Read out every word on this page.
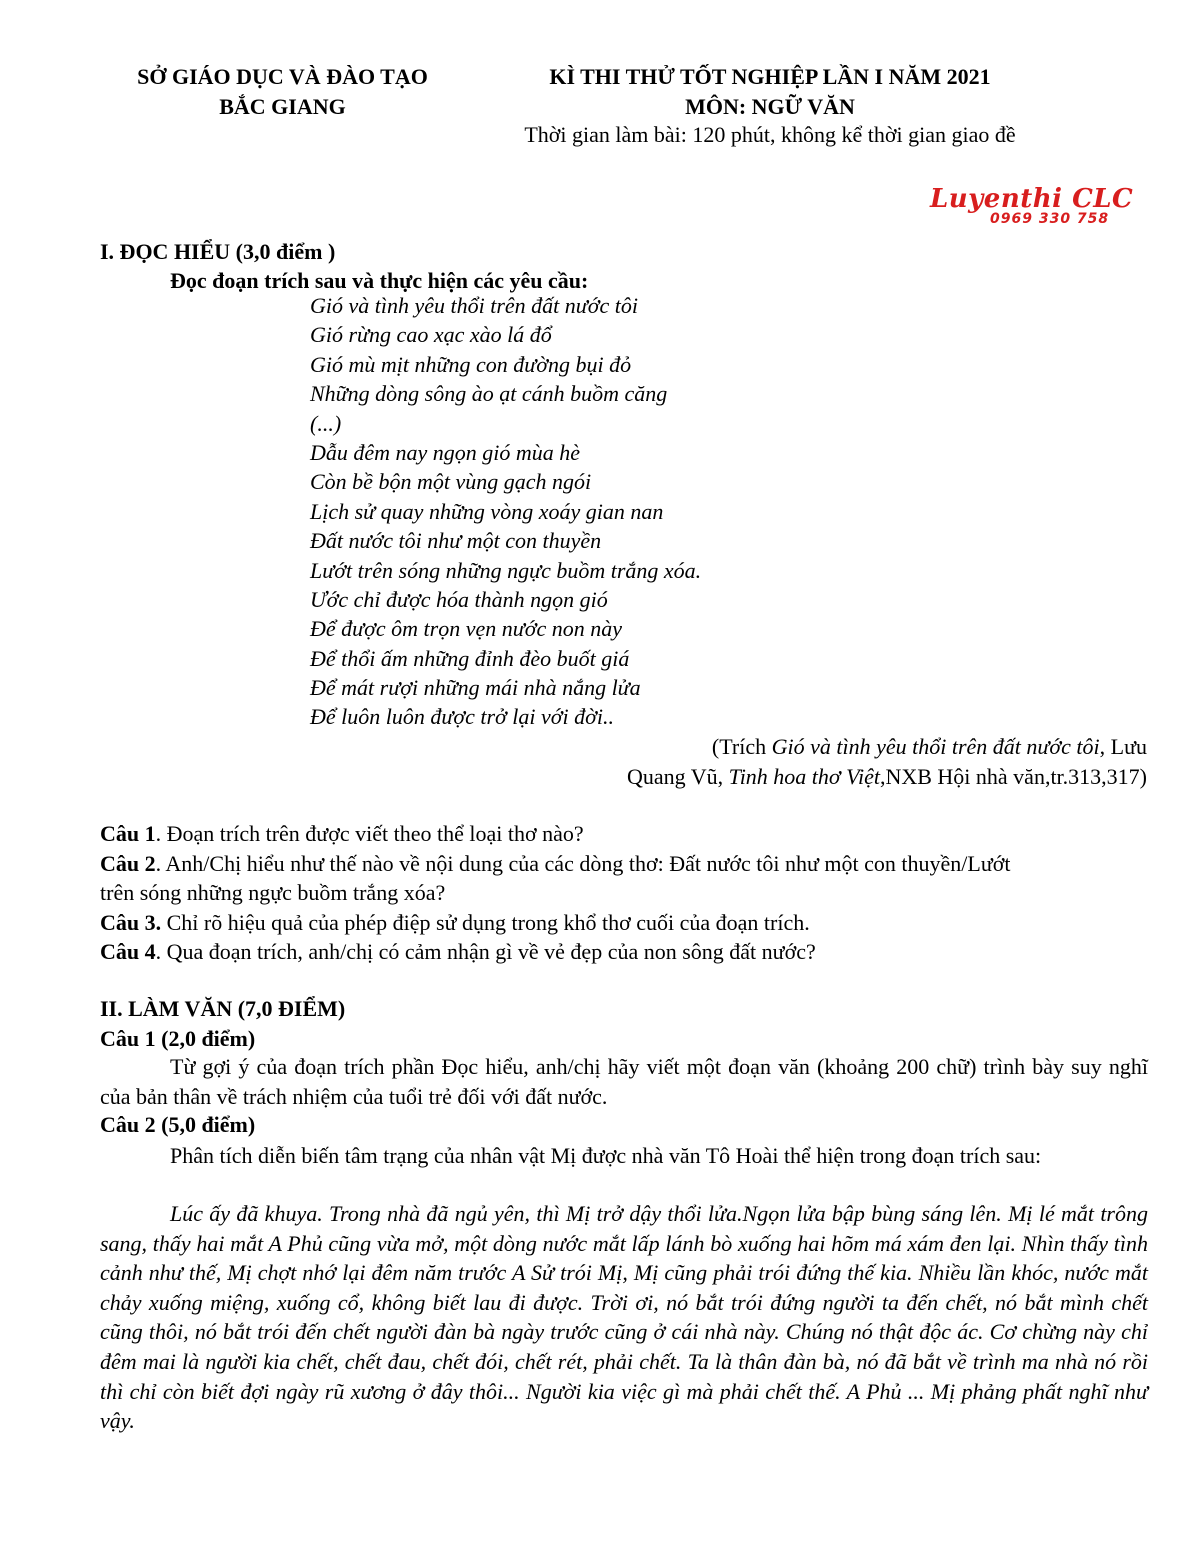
SỞ GIÁO DỤC VÀ ĐÀO TẠO
BẮC GIANG
KÌ THI THỬ TỐT NGHIỆP LẦN I NĂM 2021
MÔN: NGỮ VĂN
Thời gian làm bài: 120 phút, không kể thời gian giao đề
Luyenthi CLC
0969 330 758
I. ĐỌC HIỂU (3,0 điểm )
Đọc đoạn trích sau và thực hiện các yêu cầu:
Gió và tình yêu thổi trên đất nước tôi
Gió rừng cao xạc xào lá đổ
Gió mù mịt những con đường bụi đỏ
Những dòng sông ào ạt cánh buồm căng
(...)
Dẫu đêm nay ngọn gió mùa hè
Còn bề bộn một vùng gạch ngói
Lịch sử quay những vòng xoáy gian nan
Đất nước tôi như một con thuyền
Lướt trên sóng những ngực buồm trắng xóa.
Ước chỉ được hóa thành ngọn gió
Để được ôm trọn vẹn nước non này
Để thổi ấm những đỉnh đèo buốt giá
Để mát rượi những mái nhà nắng lửa
Để luôn luôn được trở lại với đời..
(Trích Gió và tình yêu thổi trên đất nước tôi, Lưu
Quang Vũ, Tinh hoa thơ Việt,NXB Hội nhà văn,tr.313,317)
Câu 1. Đoạn trích trên được viết theo thể loại thơ nào?
Câu 2. Anh/Chị hiểu như thế nào về nội dung của các dòng thơ: Đất nước tôi như một con thuyền/Lướt
trên sóng những ngực buồm trắng xóa?
Câu 3. Chỉ rõ hiệu quả của phép điệp sử dụng trong khổ thơ cuối của đoạn trích.
Câu 4. Qua đoạn trích, anh/chị có cảm nhận gì về vẻ đẹp của non sông đất nước?
II. LÀM VĂN (7,0 ĐIỂM)
Câu 1 (2,0 điểm)
Từ gợi ý của đoạn trích phần Đọc hiểu, anh/chị hãy viết một đoạn văn (khoảng 200 chữ) trình bày suy nghĩ của bản thân về trách nhiệm của tuổi trẻ đối với đất nước.
Câu 2 (5,0 điểm)
Phân tích diễn biến tâm trạng của nhân vật Mị được nhà văn Tô Hoài thể hiện trong đoạn trích sau:
Lúc ấy đã khuya. Trong nhà đã ngủ yên, thì Mị trở dậy thổi lửa.Ngọn lửa bập bùng sáng lên. Mị lé mắt trông sang, thấy hai mắt A Phủ cũng vừa mở, một dòng nước mắt lấp lánh bò xuống hai hõm má xám đen lại. Nhìn thấy tình cảnh như thế, Mị chợt nhớ lại đêm năm trước A Sử trói Mị, Mị cũng phải trói đứng thế kia. Nhiều lần khóc, nước mắt chảy xuống miệng, xuống cổ, không biết lau đi được. Trời ơi, nó bắt trói đứng người ta đến chết, nó bắt mình chết cũng thôi, nó bắt trói đến chết người đàn bà ngày trước cũng ở cái nhà này. Chúng nó thật độc ác. Cơ chừng này chỉ đêm mai là người kia chết, chết đau, chết đói, chết rét, phải chết. Ta là thân đàn bà, nó đã bắt về trình ma nhà nó rồi thì chỉ còn biết đợi ngày rũ xương ở đây thôi... Người kia việc gì mà phải chết thế. A Phủ ... Mị phảng phất nghĩ như vậy.
